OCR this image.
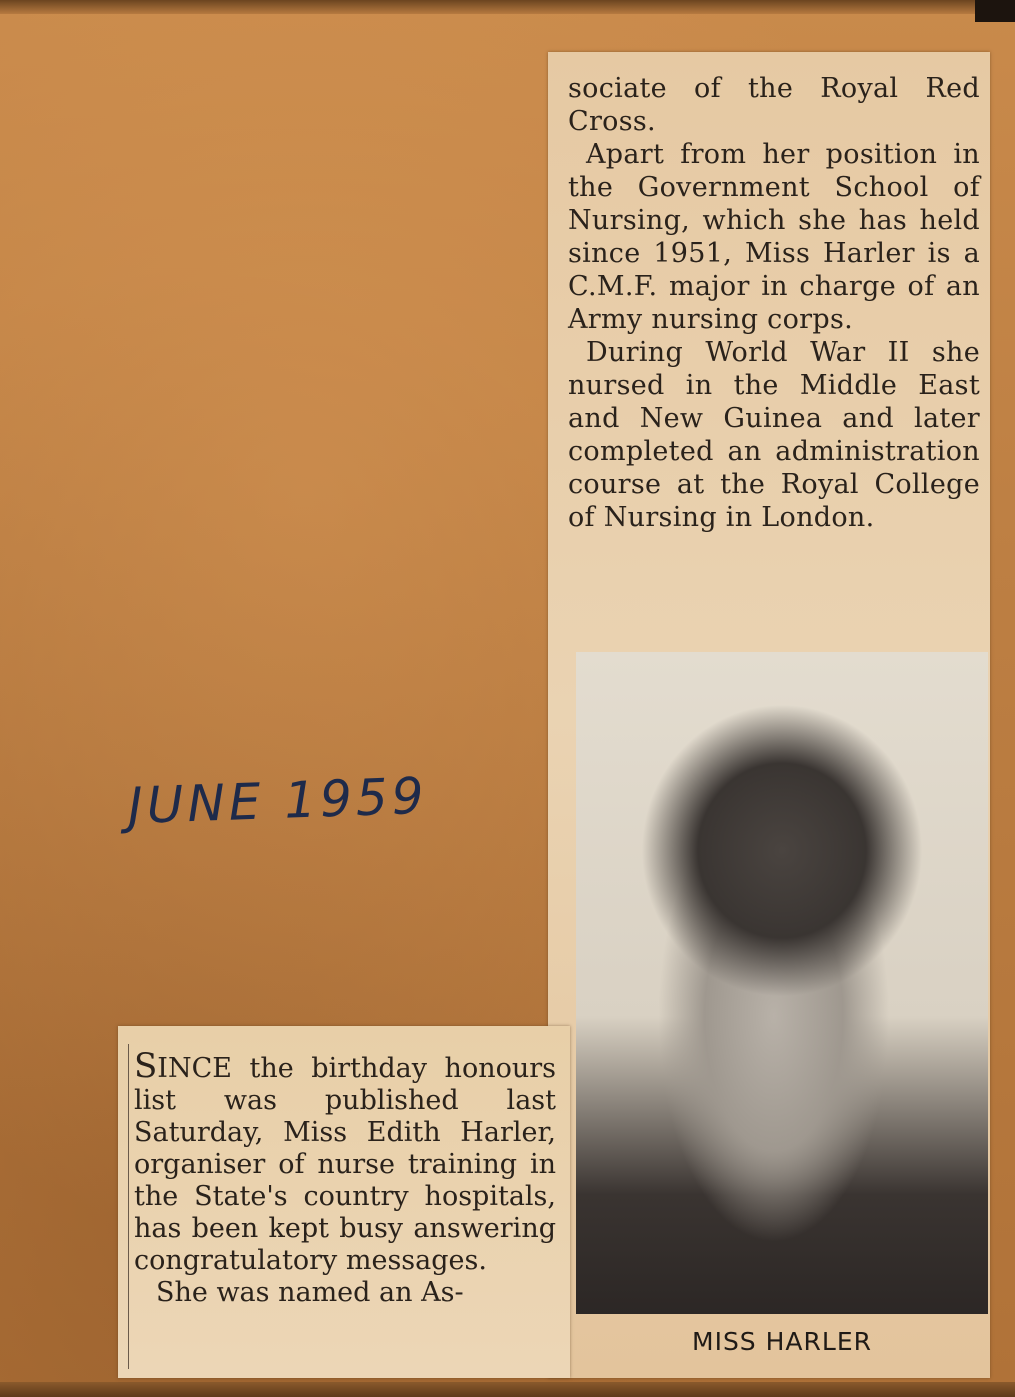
JUNE 1959

sociate of the Royal Red Cross.

Apart from her position in the Government School of Nursing, which she has held since 1951, Miss Harler is a C.M.F. major in charge of an Army nursing corps.

During World War II she nursed in the Middle East and New Guinea and later completed an administration course at the Royal College of Nursing in London.

MISS HARLER

SINCE the birthday honours list was published last Saturday, Miss Edith Harler, organiser of nurse training in the State's country hospitals, has been kept busy answering congratulatory messages.

She was named an As-
